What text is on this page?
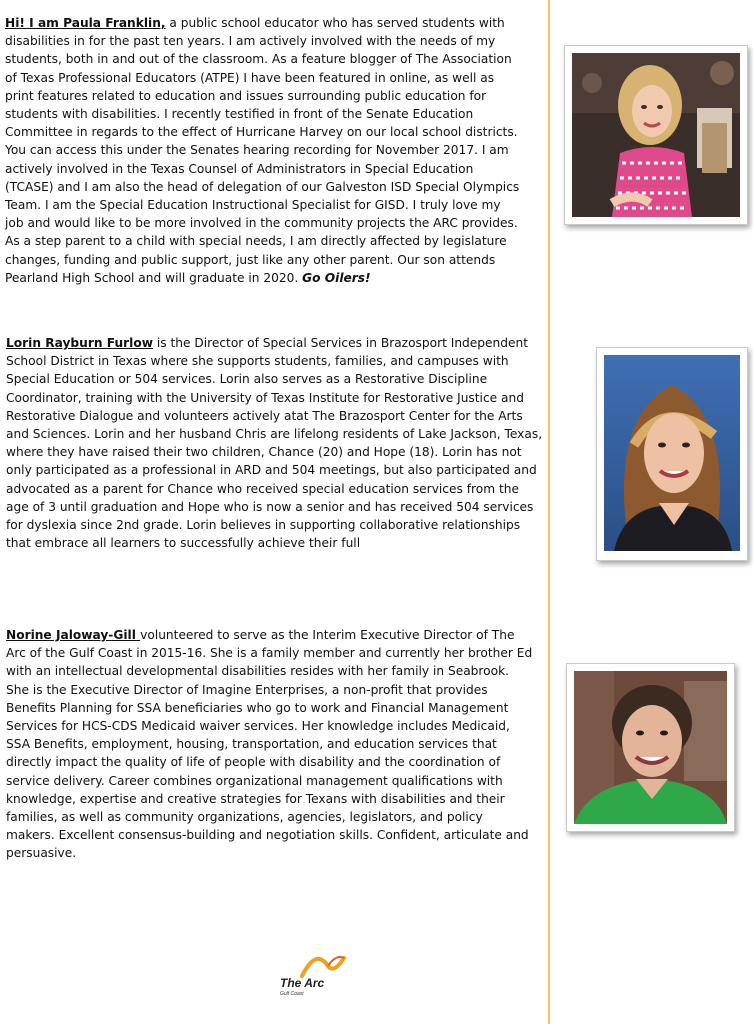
Hi! I am Paula Franklin, a public school educator who has served students with disabilities in for the past ten years. I am actively involved with the needs of my students, both in and out of the classroom. As a feature blogger of The Association of Texas Professional Educators (ATPE) I have been featured in online, as well as print features related to education and issues surrounding public education for students with disabilities. I recently testified in front of the Senate Education Committee in regards to the effect of Hurricane Harvey on our local school districts. You can access this under the Senates hearing recording for November 2017. I am actively involved in the Texas Counsel of Administrators in Special Education (TCASE) and I am also the head of delegation of our Galveston ISD Special Olympics Team. I am the Special Education Instructional Specialist for GISD. I truly love my job and would like to be more involved in the community projects the ARC provides. As a step parent to a child with special needs, I am directly affected by legislature changes, funding and public support, just like any other parent. Our son attends Pearland High School and will graduate in 2020. Go Oilers!

Lorin Rayburn Furlow is the Director of Special Services in Brazosport Independent School District in Texas where she supports students, families, and campuses with Special Education or 504 services. Lorin also serves as a Restorative Discipline Coordinator, training with the University of Texas Institute for Restorative Justice and Restorative Dialogue and volunteers actively atat The Brazosport Center for the Arts and Sciences. Lorin and her husband Chris are lifelong residents of Lake Jackson, Texas, where they have raised their two children, Chance (20) and Hope (18). Lorin has not only participated as a professional in ARD and 504 meetings, but also participated and advocated as a parent for Chance who received special education services from the age of 3 until graduation and Hope who is now a senior and has received 504 services for dyslexia since 2nd grade. Lorin believes in supporting collaborative relationships that embrace all learners to successfully achieve their full

Norine Jaloway-Gill volunteered to serve as the Interim Executive Director of The Arc of the Gulf Coast in 2015-16. She is a family member and currently her brother Ed with an intellectual developmental disabilities resides with her family in Seabrook. She is the Executive Director of Imagine Enterprises, a non-profit that provides Benefits Planning for SSA beneficiaries who go to work and Financial Management Services for HCS-CDS Medicaid waiver services. Her knowledge includes Medicaid, SSA Benefits, employment, housing, transportation, and education services that directly impact the quality of life of people with disability and the coordination of service delivery. Career combines organizational management qualifications with knowledge, expertise and creative strategies for Texans with disabilities and their families, as well as community organizations, agencies, legislators, and policy makers. Excellent consensus-building and negotiation skills. Confident, articulate and persuasive.

The Arc
Gulf Coast
